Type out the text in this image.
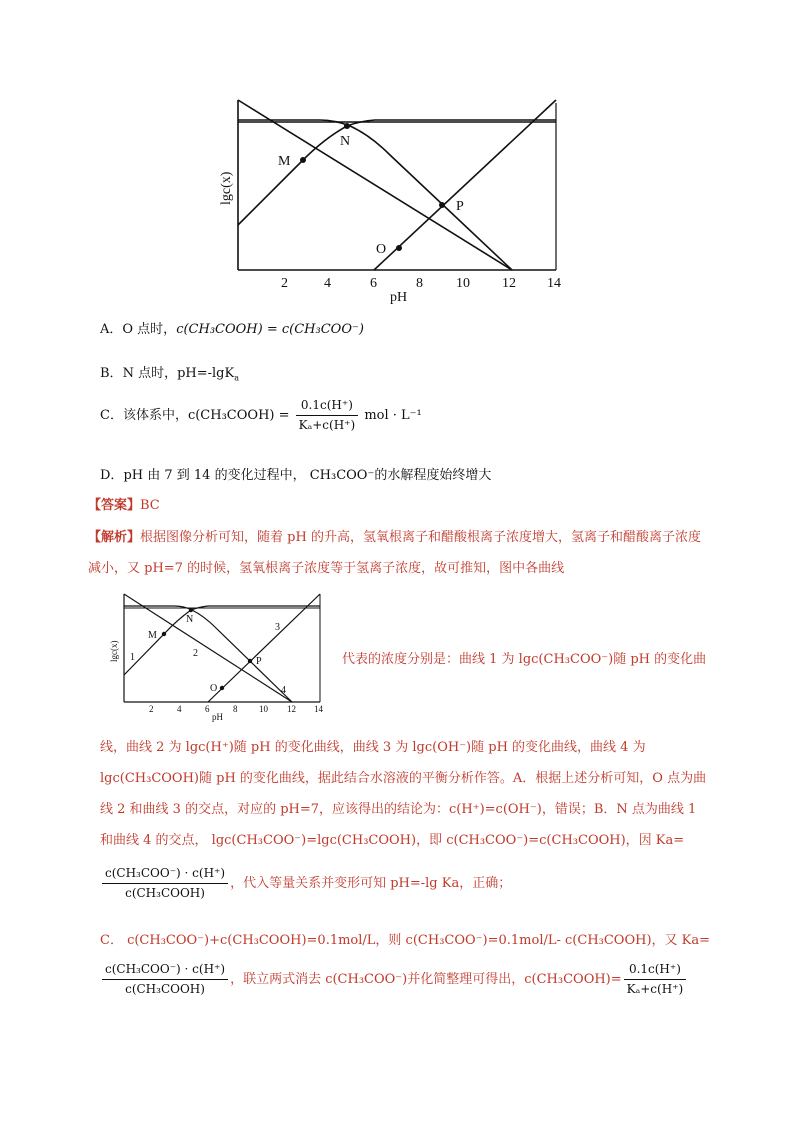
M
N
O
P
2	4	6	8 10 12 14
pH
lgc(x)
A．O 点时，c(CH₃COOH) = c(CH₃COO⁻)
B．N 点时，pH=-lgK$_a$
C．该体系中，c(CH₃COOH) = $\frac{0.1c(H^+)}{\text{Kₐ+c(H⁺)}}$ mol · L⁻¹
D．pH 由 7 到 14 的变化过程中， CH₃COO⁻的水解程度始终增大
【答案】BC
【解析】根据图像分析可知，随着 pH 的升高，氢氧根离子和醋酸根离子浓度增大，氢离子和醋酸离子浓度减小，又 pH=7 的时候，氢氧根离子浓度等于氢离子浓度，故可推知，图中各曲线
M
N
O
P
1	2
3
4
2	4	6	8 10 12 14
pH
lgc(x)	代表的浓度分别是：曲线 1 为 lgc(CH₃COO⁻)随 pH 的变化曲
线，曲线 2 为 lgc(H⁺)随 pH 的变化曲线，曲线 3 为 lgc(OH⁻)随 pH 的变化曲线，曲线 4 为 lgc(CH₃COOH)随 pH 的变化曲线，据此结合水溶液的平衡分析作答。A．根据上述分析可知，O 点为曲线 2 和曲线 3 的交点，对应的 pH=7，应该得出的结论为：c(H⁺)=c(OH⁻)，错误；B．N 点为曲线 1 和曲线 4 的交点， lgc(CH₃COO⁻)=lgc(CH₃COOH)，即 c(CH₃COO⁻)=c(CH₃COOH)，因 Ka=
$\frac{\text{c(CH₃COO⁻) · c(H⁺)}}{\text{c(CH₃COOH)}}$ ，代入等量关系并变形可知 pH=-lg Ka，正确；
C． c(CH₃COO⁻)+c(CH₃COOH)=0.1mol/L，则 c(CH₃COO⁻)=0.1mol/L- c(CH₃COOH)，又 Ka=
$\frac{\text{c(CH₃COO⁻) · c(H⁺)}}{\text{c(CH₃COOH)}}$ ，联立两式消去 c(CH₃COO⁻)并化简整理可得出，c(CH₃COOH)= $\frac{0.1c(H^+)}{\text{Kₐ+c(H⁺)}}$
